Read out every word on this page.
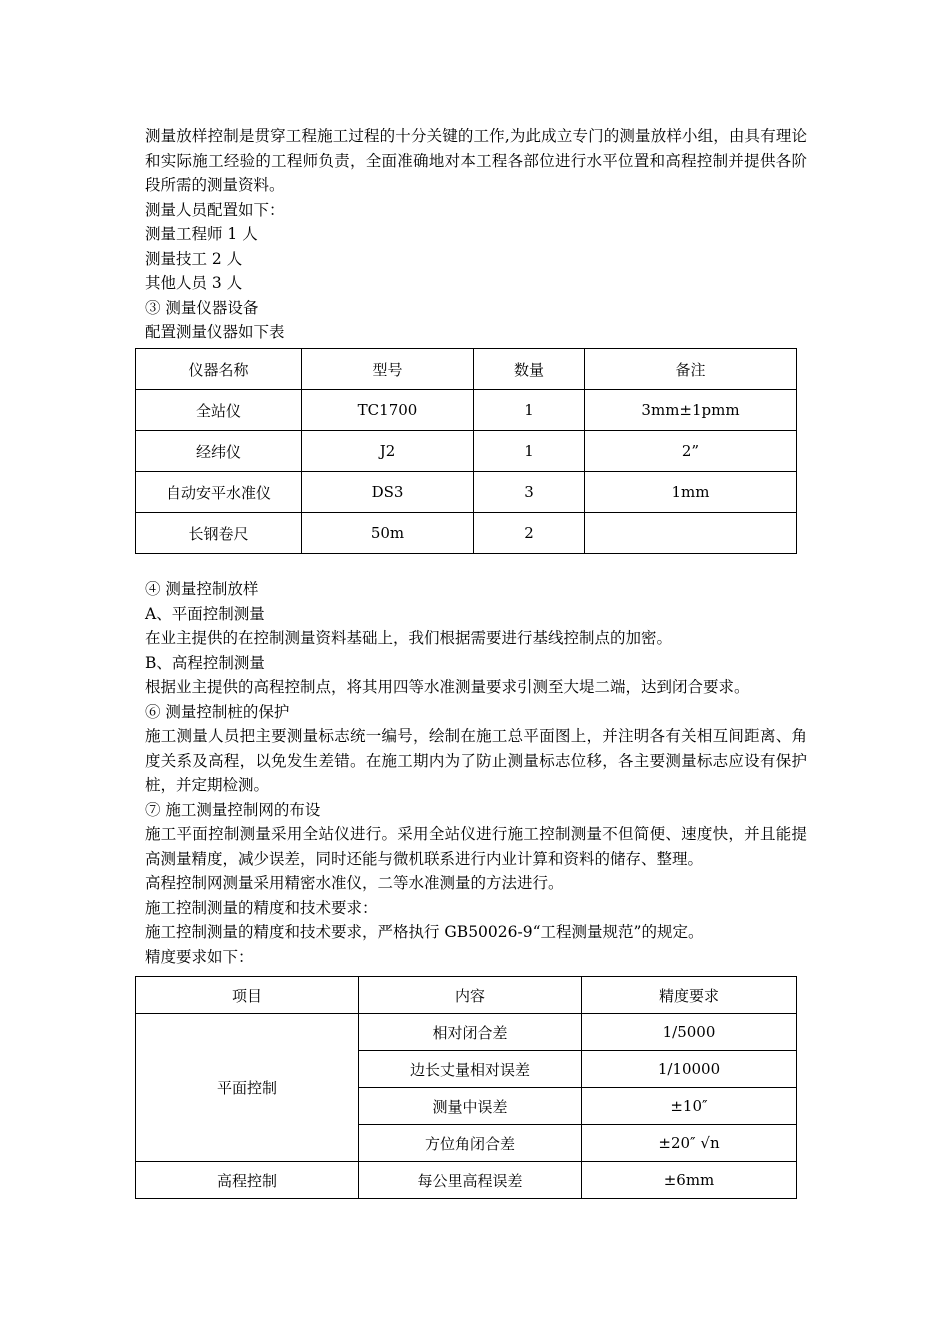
测量放样控制是贯穿工程施工过程的十分关键的工作,为此成立专门的测量放样小组，由具有理论和实际施工经验的工程师负责，全面准确地对本工程各部位进行水平位置和高程控制并提供各阶段所需的测量资料。

测量人员配置如下：

测量工程师 1 人

测量技工 2 人

其他人员 3 人

③ 测量仪器设备

配置测量仪器如下表

仪器名称	型号	数量	备注
全站仪	TC1700	1	3mm±1pmm
经纬仪	J2	1	2”
自动安平水准仪	DS3	3	1mm
长钢卷尺	50m	2	

④ 测量控制放样

A、平面控制测量

在业主提供的在控制测量资料基础上，我们根据需要进行基线控制点的加密。

B、高程控制测量

根据业主提供的高程控制点，将其用四等水准测量要求引测至大堤二端，达到闭合要求。

⑥ 测量控制桩的保护

施工测量人员把主要测量标志统一编号，绘制在施工总平面图上，并注明各有关相互间距离、角度关系及高程，以免发生差错。在施工期内为了防止测量标志位移，各主要测量标志应设有保护桩，并定期检测。

⑦ 施工测量控制网的布设

施工平面控制测量采用全站仪进行。采用全站仪进行施工控制测量不但简便、速度快，并且能提高测量精度，减少误差，同时还能与微机联系进行内业计算和资料的储存、整理。

高程控制网测量采用精密水准仪，二等水准测量的方法进行。

施工控制测量的精度和技术要求：

施工控制测量的精度和技术要求，严格执行 GB50026-9“工程测量规范”的规定。

精度要求如下：

项目	内容	精度要求
平面控制	相对闭合差	1/5000
	边长丈量相对误差	1/10000
	测量中误差	±10″
	方位角闭合差	±20″ √n
高程控制	每公里高程误差	±6mm
